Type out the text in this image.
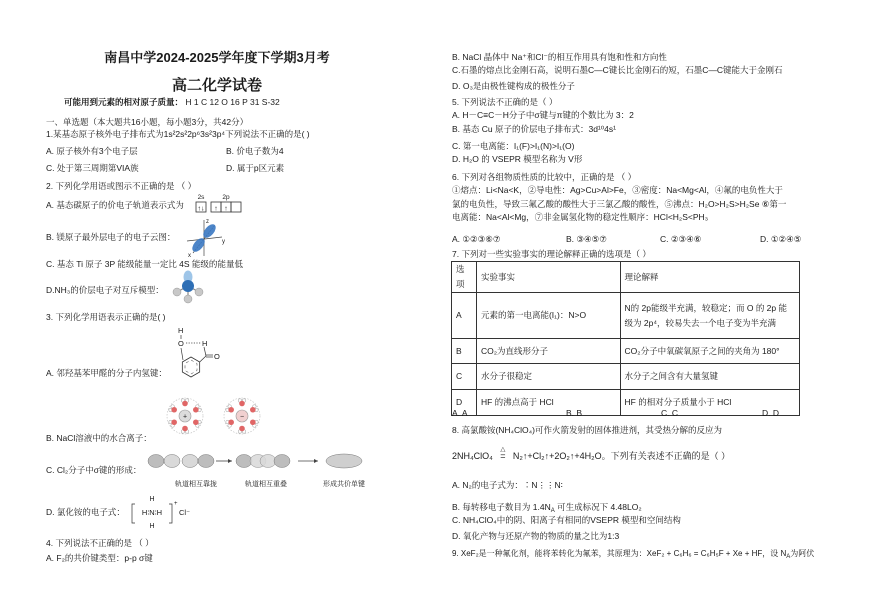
南昌中学2024-2025学年度下学期3月考
高二化学试卷
可能用到元素的相对原子质量： H 1 C 12 O 16 P 31 S-32
一、单选题（本大题共16小题，每小题3分，共42分）
1.某基态原子核外电子排布式为1s²2s²2p⁶3s²3p⁴下列说法不正确的是( )
A. 原子核外有3个电子层	B. 价电子数为4
C. 处于第三周期第VIA族	D. 属于p区元素
2. 下列化学用语或图示不正确的是 （ ）
A. 基态碳原子的价电子轨道表示式为
2s	2p
↑↓ ↑ ↑
B. 镁原子最外层电子的电子云图：
z
y
x
C. 基态 Ti 原子 3P 能级能量一定比 4S 能级的能量低
D.NH₃的价层电子对互斥模型：
3. 下列化学用语表示正确的是( )
H
O H
O
A. 邻羟基苯甲醛的分子内氢键：
+	−
B. NaCl溶液中的水合离子：
C. Cl₂分子中σ键的形成：
轨道相互靠拢	轨道相互重叠	形成共价单键
D. 氯化铵的电子式：
H
H∶N∶H
H
+
Cl⁻
4. 下列说法不正确的是 （ ）
A. F₂的共价键类型：p-p σ键
B. NaCl 晶体中 Na⁺和Cl⁻的相互作用具有饱和性和方向性
C.石墨的熔点比金刚石高，说明石墨C—C键长比金刚石的短，石墨C—C键能大于金刚石
D. O₃是由极性键构成的极性分子
5. 下列说法不正确的是（ ）
A. H－C≡C－H分子中σ键与π键的个数比为 3：2
B. 基态 Cu 原子的价层电子排布式：3d¹⁰4s¹
C. 第一电离能：I₁(F)>I₁(N)>I₁(O)
D. H₂O 的 VSEPR 模型名称为 V形
6. 下列对各组物质性质的比较中，正确的是 （ ）
①熔点：Li<Na<K，②导电性：Ag>Cu>Al>Fe，③密度：Na<Mg<Al，④氟的电负性大于
氯的电负性，导致三氟乙酸的酸性大于三氯乙酸的酸性，⑤沸点：H₂O>H₂S>H₂Se ⑥第一
电离能：Na<Al<Mg，⑦非金属氢化物的稳定性顺序：HCl<H₂S<PH₃
A. ①②③⑥⑦	B. ③④⑤⑦	C. ②③④⑥	D. ①②④⑤
7. 下列对一些实验事实的理论解释正确的选项是（ ）
选项	实验事实	理论解释
A	元素的第一电离能(I₁)：N>O	N的 2p能级半充满，较稳定；而 O 的 2p 能级为 2p⁴，较易失去一个电子变为半充满
B	CO₂为直线形分子	CO₂分子中氧碳氧原子之间的夹角为 180°
C	水分子很稳定	水分子之间含有大量氢键
D	HF 的沸点高于 HCl	HF 的相对分子质量小于 HCl
A. A	B. B	C. C	D. D
8. 高氯酸铵(NH₄ClO₄)可作火箭发射的固体推进剂，其受热分解的反应为
2NH₄ClO₄
△
= N₂↑+Cl₂↑+2O₂↑+4H₂O。下列有关表述不正确的是（ ）
A. N₂的电子式为：∶N⋮⋮N∶
B. 每转移电子数目为 $1.4N_A$ 可生成标况下 4.48LO₂
C. NH₄ClO₄中的阴、阳离子有相同的VSEPR 模型和空间结构
D. 氧化产物与还原产物的物质的量之比为1:3
9. XeF₂是一种氟化剂，能将苯转化为氟苯，其原理为：XeF₂ + C₆H₆ = C₆H₅F + Xe + HF，设 $N_A$为阿伏
